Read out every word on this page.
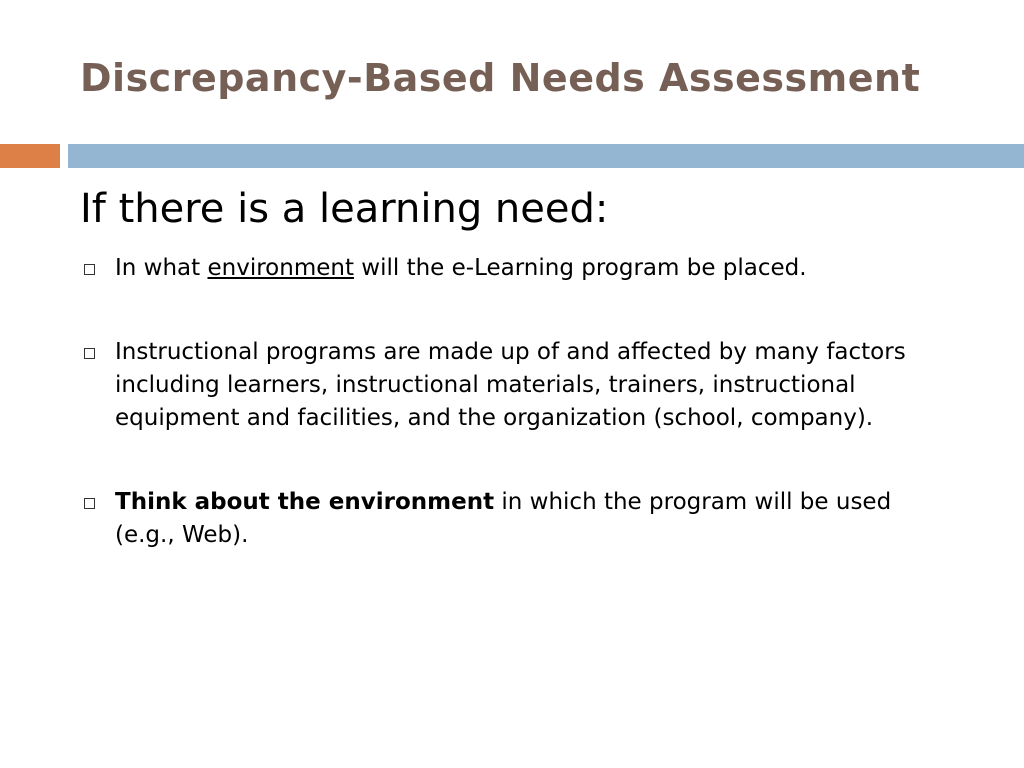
Discrepancy-Based Needs Assessment
If there is a learning need:
In what environment will the e-Learning program be placed.
Instructional programs are made up of and affected by many factors including learners, instructional materials, trainers, instructional equipment and facilities, and the organization (school, company).
Think about the environment in which the program will be used (e.g., Web).
